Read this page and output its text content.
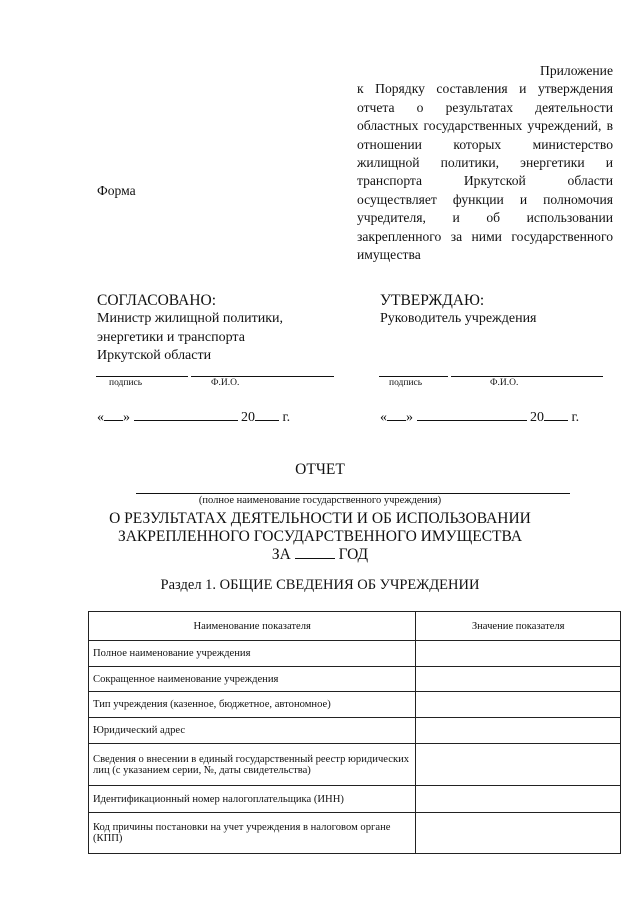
Приложение
к Порядку составления и утверждения отчета о результатах деятельности областных государственных учреждений, в отношении которых министерство жилищной политики, энергетики и транспорта Иркутской области осуществляет функции и полномочия учредителя, и об использовании закрепленного за ними государственного имущества
Форма
СОГЛАСОВАНО:
Министр жилищной политики,
энергетики и транспорта
Иркутской области
подпись	Ф.И.О.
« »	20 г.
УТВЕРЖДАЮ:
Руководитель учреждения
подпись	Ф.И.О.
« »	20 г.
ОТЧЕТ
(полное наименование государственного учреждения)
О РЕЗУЛЬТАТАХ ДЕЯТЕЛЬНОСТИ И ОБ ИСПОЛЬЗОВАНИИ
ЗАКРЕПЛЕННОГО ГОСУДАРСТВЕННОГО ИМУЩЕСТВА
ЗА	ГОД
Раздел 1. ОБЩИЕ СВЕДЕНИЯ ОБ УЧРЕЖДЕНИИ
Наименование показателя	Значение показателя
Полное наименование учреждения	
Сокращенное наименование учреждения	
Тип учреждения (казенное, бюджетное, автономное)	
Юридический адрес	
Сведения о внесении в единый государственный реестр юридических лиц (с указанием серии, №, даты свидетельства)	
Идентификационный номер налогоплательщика (ИНН)	
Код причины постановки на учет учреждения в налоговом органе (КПП)	
